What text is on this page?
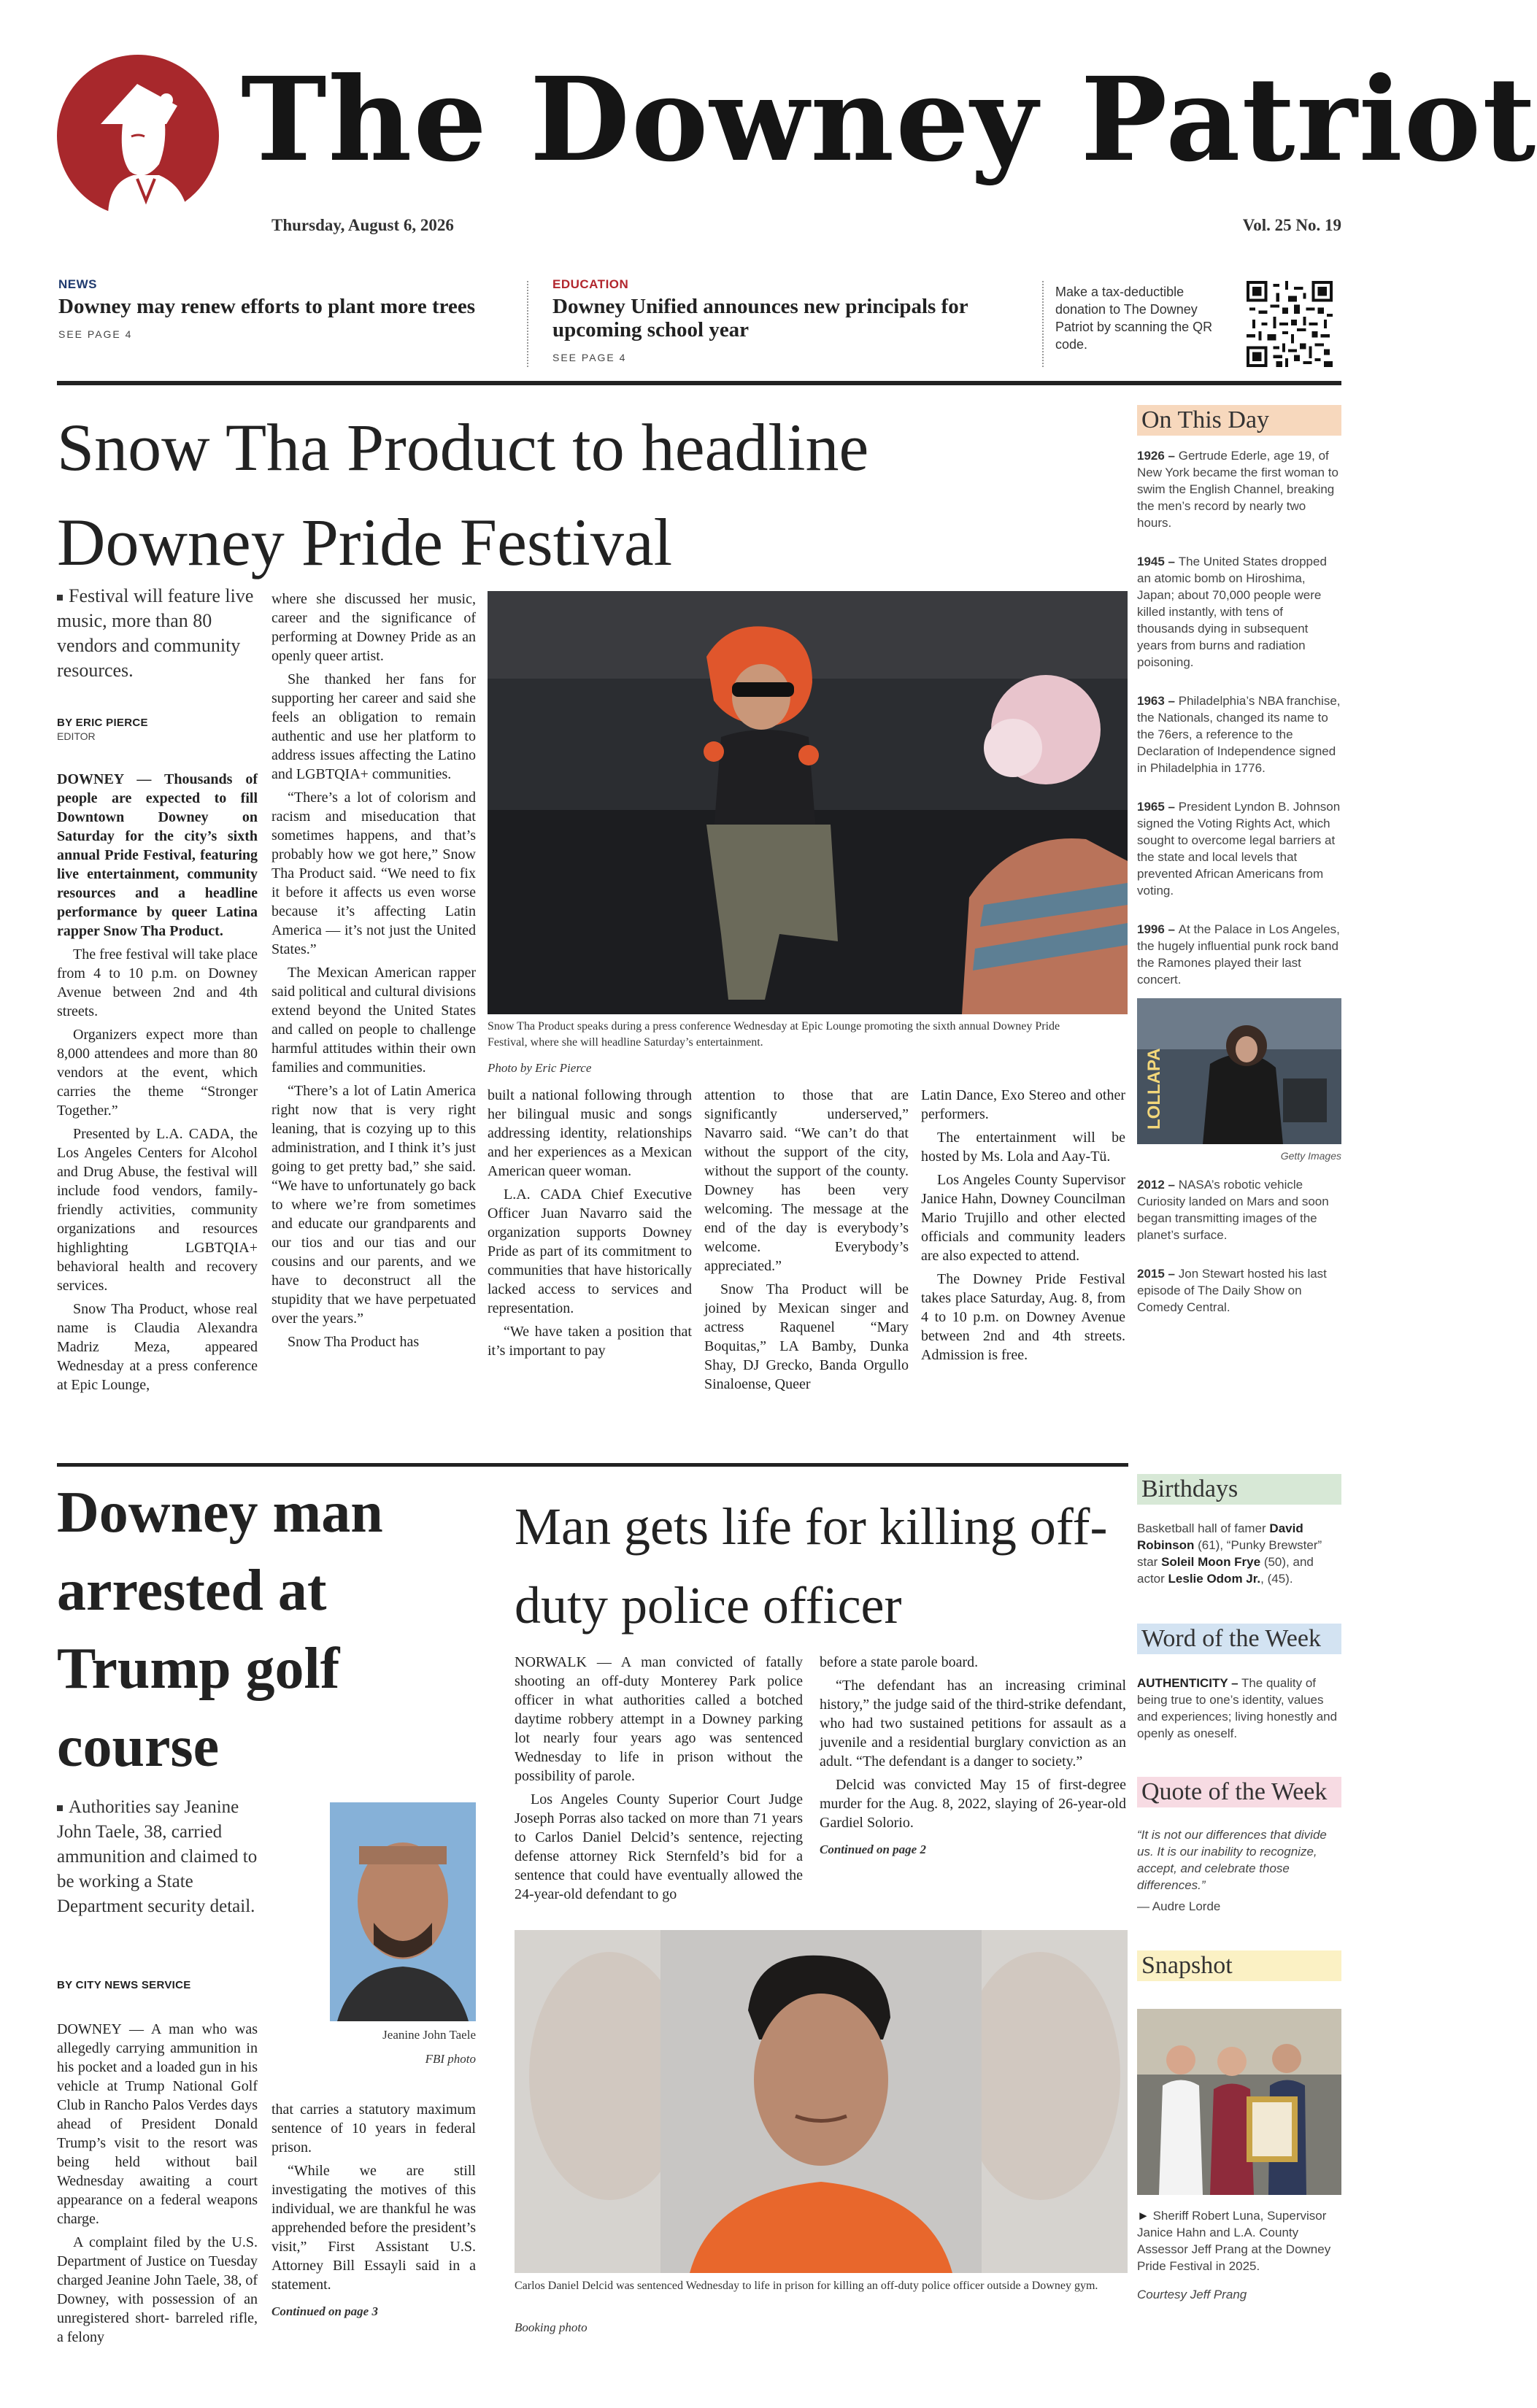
The Downey Patriot
Thursday, August 6, 2026	Vol. 25 No. 19
NEWS
Downey may renew efforts to plant more trees
SEE PAGE 4
EDUCATION
Downey Unified announces new principals for upcoming school year
SEE PAGE 4
Make a tax-deductible donation to The Downey Patriot by scanning the QR code.
Snow Tha Product to headline Downey Pride Festival
Festival will feature live music, more than 80 vendors and community resources.
BY ERIC PIERCE
EDITOR

DOWNEY — Thousands of people are expected to fill Downtown Downey on Saturday for the city’s sixth annual Pride Festival, featuring live entertainment, community resources and a headline performance by queer Latina rapper Snow Tha Product.

The free festival will take place from 4 to 10 p.m. on Downey Avenue between 2nd and 4th streets.

Organizers expect more than 8,000 attendees and more than 80 vendors at the event, which carries the theme “Stronger Together.”

Presented by L.A. CADA, the Los Angeles Centers for Alcohol and Drug Abuse, the festival will include food vendors, family-friendly activities, community organizations and resources highlighting LGBTQIA+ behavioral health and recovery services.

Snow Tha Product, whose real name is Claudia Alexandra Madriz Meza, appeared Wednesday at a press conference at Epic Lounge,

where she discussed her music, career and the significance of performing at Downey Pride as an openly queer artist.

She thanked her fans for supporting her career and said she feels an obligation to remain authentic and use her platform to address issues affecting the Latino and LGBTQIA+ communities.

“There’s a lot of colorism and racism and miseducation that sometimes happens, and that’s probably how we got here,” Snow Tha Product said. “We need to fix it before it affects us even worse because it’s affecting Latin America — it’s not just the United States.”

The Mexican American rapper said political and cultural divisions extend beyond the United States and called on people to challenge harmful attitudes within their own families and communities.

“There’s a lot of Latin America right now that is very right leaning, that is cozying up to this administration, and I think it’s just going to get pretty bad,” she said. “We have to unfortunately go back to where we’re from sometimes and educate our grandparents and our tios and our tias and our cousins and our parents, and we have to deconstruct all the stupidity that we have perpetuated over the years.”

Snow Tha Product has

Snow Tha Product speaks during a press conference Wednesday at Epic Lounge promoting the sixth annual Downey Pride Festival, where she will headline Saturday’s entertainment.
Photo by Eric Pierce

built a national following through her bilingual music and songs addressing identity, relationships and her experiences as a Mexican American queer woman.

L.A. CADA Chief Executive Officer Juan Navarro said the organization supports Downey Pride as part of its commitment to communities that have historically lacked access to services and representation.

“We have taken a position that it’s important to pay

attention to those that are significantly underserved,” Navarro said. “We can’t do that without the support of the city, without the support of the county. Downey has been very welcoming. The message at the end of the day is everybody’s welcome. Everybody’s appreciated.”

Snow Tha Product will be joined by Mexican singer and actress Raquenel “Mary Boquitas,” LA Bamby, Dunka Shay, DJ Grecko, Banda Orgullo Sinaloense, Queer

Latin Dance, Exo Stereo and other performers.

The entertainment will be hosted by Ms. Lola and Aay-Tü.

Los Angeles County Supervisor Janice Hahn, Downey Councilman Mario Trujillo and other elected officials and community leaders are also expected to attend.

The Downey Pride Festival takes place Saturday, Aug. 8, from 4 to 10 p.m. on Downey Avenue between 2nd and 4th streets. Admission is free.

On This Day

1926 – Gertrude Ederle, age 19, of New York became the first woman to swim the English Channel, breaking the men’s record by nearly two hours.

1945 – The United States dropped an atomic bomb on Hiroshima, Japan; about 70,000 people were killed instantly, with tens of thousands dying in subsequent years from burns and radiation poisoning.

1963 – Philadelphia’s NBA franchise, the Nationals, changed its name to the 76ers, a reference to the Declaration of Independence signed in Philadelphia in 1776.

1965 – President Lyndon B. Johnson signed the Voting Rights Act, which sought to overcome legal barriers at the state and local levels that prevented African Americans from voting.

1996 – At the Palace in Los Angeles, the hugely influential punk rock band the Ramones played their last concert.

LOLLAPA
Getty Images

2012 – NASA’s robotic vehicle Curiosity landed on Mars and soon began transmitting images of the planet’s surface.

2015 – Jon Stewart hosted his last episode of The Daily Show on Comedy Central.

Birthdays
Basketball hall of famer David Robinson (61), “Punky Brewster” star Soleil Moon Frye (50), and actor Leslie Odom Jr., (45).
Word of the Week
AUTHENTICITY – The quality of being true to one’s identity, values and experiences; living honestly and openly as oneself.
Quote of the Week
“It is not our differences that divide us. It is our inability to recognize, accept, and celebrate those differences.”
— Audre Lorde
Snapshot
► Sheriff Robert Luna, Supervisor Janice Hahn and L.A. County Assessor Jeff Prang at the Downey Pride Festival in 2025.
Courtesy Jeff Prang
Downey man arrested at Trump golf course
Authorities say Jeanine John Taele, 38, carried ammunition and claimed to be working a State Department security detail.
BY CITY NEWS SERVICE
Jeanine John Taele
FBI photo

DOWNEY — A man who was allegedly carrying ammunition in his pocket and a loaded gun in his vehicle at Trump National Golf Club in Rancho Palos Verdes days ahead of President Donald Trump’s visit to the resort was being held without bail Wednesday awaiting a court appearance on a federal weapons charge.

A complaint filed by the U.S. Department of Justice on Tuesday charged Jeanine John Taele, 38, of Downey, with possession of an unregistered short- barreled rifle, a felony

that carries a statutory maximum sentence of 10 years in federal prison.

“While we are still investigating the motives of this individual, we are thankful he was apprehended before the president’s visit,” First Assistant U.S. Attorney Bill Essayli said in a statement.

Continued on page 3
Man gets life for killing off-duty police officer

NORWALK — A man convicted of fatally shooting an off-duty Monterey Park police officer in what authorities called a botched daytime robbery attempt in a Downey parking lot nearly four years ago was sentenced Wednesday to life in prison without the possibility of parole.

Los Angeles County Superior Court Judge Joseph Porras also tacked on more than 71 years to Carlos Daniel Delcid’s sentence, rejecting defense attorney Rick Sternfeld’s bid for a sentence that could have eventually allowed the 24-year-old defendant to go

before a state parole board.

“The defendant has an increasing criminal history,” the judge said of the third-strike defendant, who had two sustained petitions for assault as a juvenile and a residential burglary conviction as an adult. “The defendant is a danger to society.”

Delcid was convicted May 15 of first-degree murder for the Aug. 8, 2022, slaying of 26-year-old Gardiel Solorio.

Continued on page 2
Carlos Daniel Delcid was sentenced Wednesday to life in prison for killing an off-duty police officer outside a Downey gym.
Booking photo
